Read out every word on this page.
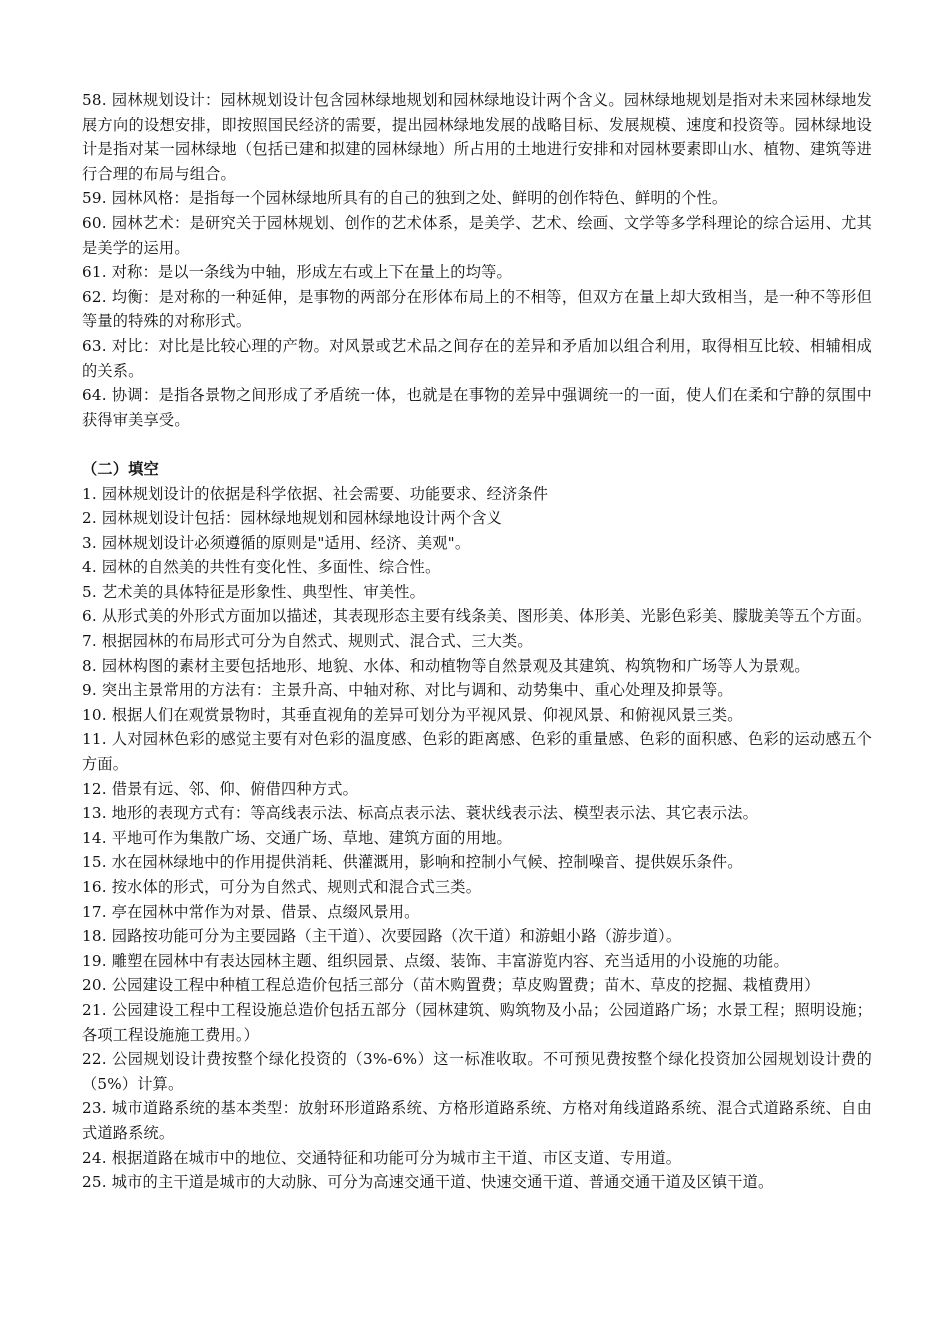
58. 园林规划设计：园林规划设计包含园林绿地规划和园林绿地设计两个含义。园林绿地规划是指对未来园林绿地发展方向的设想安排，即按照国民经济的需要，提出园林绿地发展的战略目标、发展规模、速度和投资等。园林绿地设计是指对某一园林绿地（包括已建和拟建的园林绿地）所占用的土地进行安排和对园林要素即山水、植物、建筑等进行合理的布局与组合。

59. 园林风格：是指每一个园林绿地所具有的自己的独到之处、鲜明的创作特色、鲜明的个性。

60. 园林艺术：是研究关于园林规划、创作的艺术体系，是美学、艺术、绘画、文学等多学科理论的综合运用、尤其是美学的运用。

61. 对称：是以一条线为中轴，形成左右或上下在量上的均等。

62. 均衡：是对称的一种延伸，是事物的两部分在形体布局上的不相等，但双方在量上却大致相当，是一种不等形但等量的特殊的对称形式。

63. 对比：对比是比较心理的产物。对风景或艺术品之间存在的差异和矛盾加以组合利用，取得相互比较、相辅相成的关系。

64. 协调：是指各景物之间形成了矛盾统一体，也就是在事物的差异中强调统一的一面，使人们在柔和宁静的氛围中获得审美享受。

（二）填空

1. 园林规划设计的依据是科学依据、社会需要、功能要求、经济条件

2. 园林规划设计包括：园林绿地规划和园林绿地设计两个含义

3. 园林规划设计必须遵循的原则是"适用、经济、美观"。

4. 园林的自然美的共性有变化性、多面性、综合性。

5. 艺术美的具体特征是形象性、典型性、审美性。

6. 从形式美的外形式方面加以描述，其表现形态主要有线条美、图形美、体形美、光影色彩美、朦胧美等五个方面。

7. 根据园林的布局形式可分为自然式、规则式、混合式、三大类。

8. 园林构图的素材主要包括地形、地貌、水体、和动植物等自然景观及其建筑、构筑物和广场等人为景观。

9. 突出主景常用的方法有：主景升高、中轴对称、对比与调和、动势集中、重心处理及抑景等。

10. 根据人们在观赏景物时，其垂直视角的差异可划分为平视风景、仰视风景、和俯视风景三类。

11. 人对园林色彩的感觉主要有对色彩的温度感、色彩的距离感、色彩的重量感、色彩的面积感、色彩的运动感五个方面。

12. 借景有远、邻、仰、俯借四种方式。

13. 地形的表现方式有：等高线表示法、标高点表示法、蓑状线表示法、模型表示法、其它表示法。

14. 平地可作为集散广场、交通广场、草地、建筑方面的用地。

15. 水在园林绿地中的作用提供消耗、供灌溉用，影响和控制小气候、控制噪音、提供娱乐条件。

16. 按水体的形式，可分为自然式、规则式和混合式三类。

17. 亭在园林中常作为对景、借景、点缀风景用。

18. 园路按功能可分为主要园路（主干道）、次要园路（次干道）和游蛆小路（游步道）。

19. 雕塑在园林中有表达园林主题、组织园景、点缀、装饰、丰富游览内容、充当适用的小设施的功能。

20. 公园建设工程中种植工程总造价包括三部分（苗木购置费；草皮购置费；苗木、草皮的挖掘、栽植费用）

21. 公园建设工程中工程设施总造价包括五部分（园林建筑、购筑物及小品；公园道路广场；水景工程；照明设施；各项工程设施施工费用。）

22. 公园规划设计费按整个绿化投资的（3%-6%）这一标准收取。不可预见费按整个绿化投资加公园规划设计费的（5%）计算。

23. 城市道路系统的基本类型：放射环形道路系统、方格形道路系统、方格对角线道路系统、混合式道路系统、自由式道路系统。

24. 根据道路在城市中的地位、交通特征和功能可分为城市主干道、市区支道、专用道。

25. 城市的主干道是城市的大动脉、可分为高速交通干道、快速交通干道、普通交通干道及区镇干道。
